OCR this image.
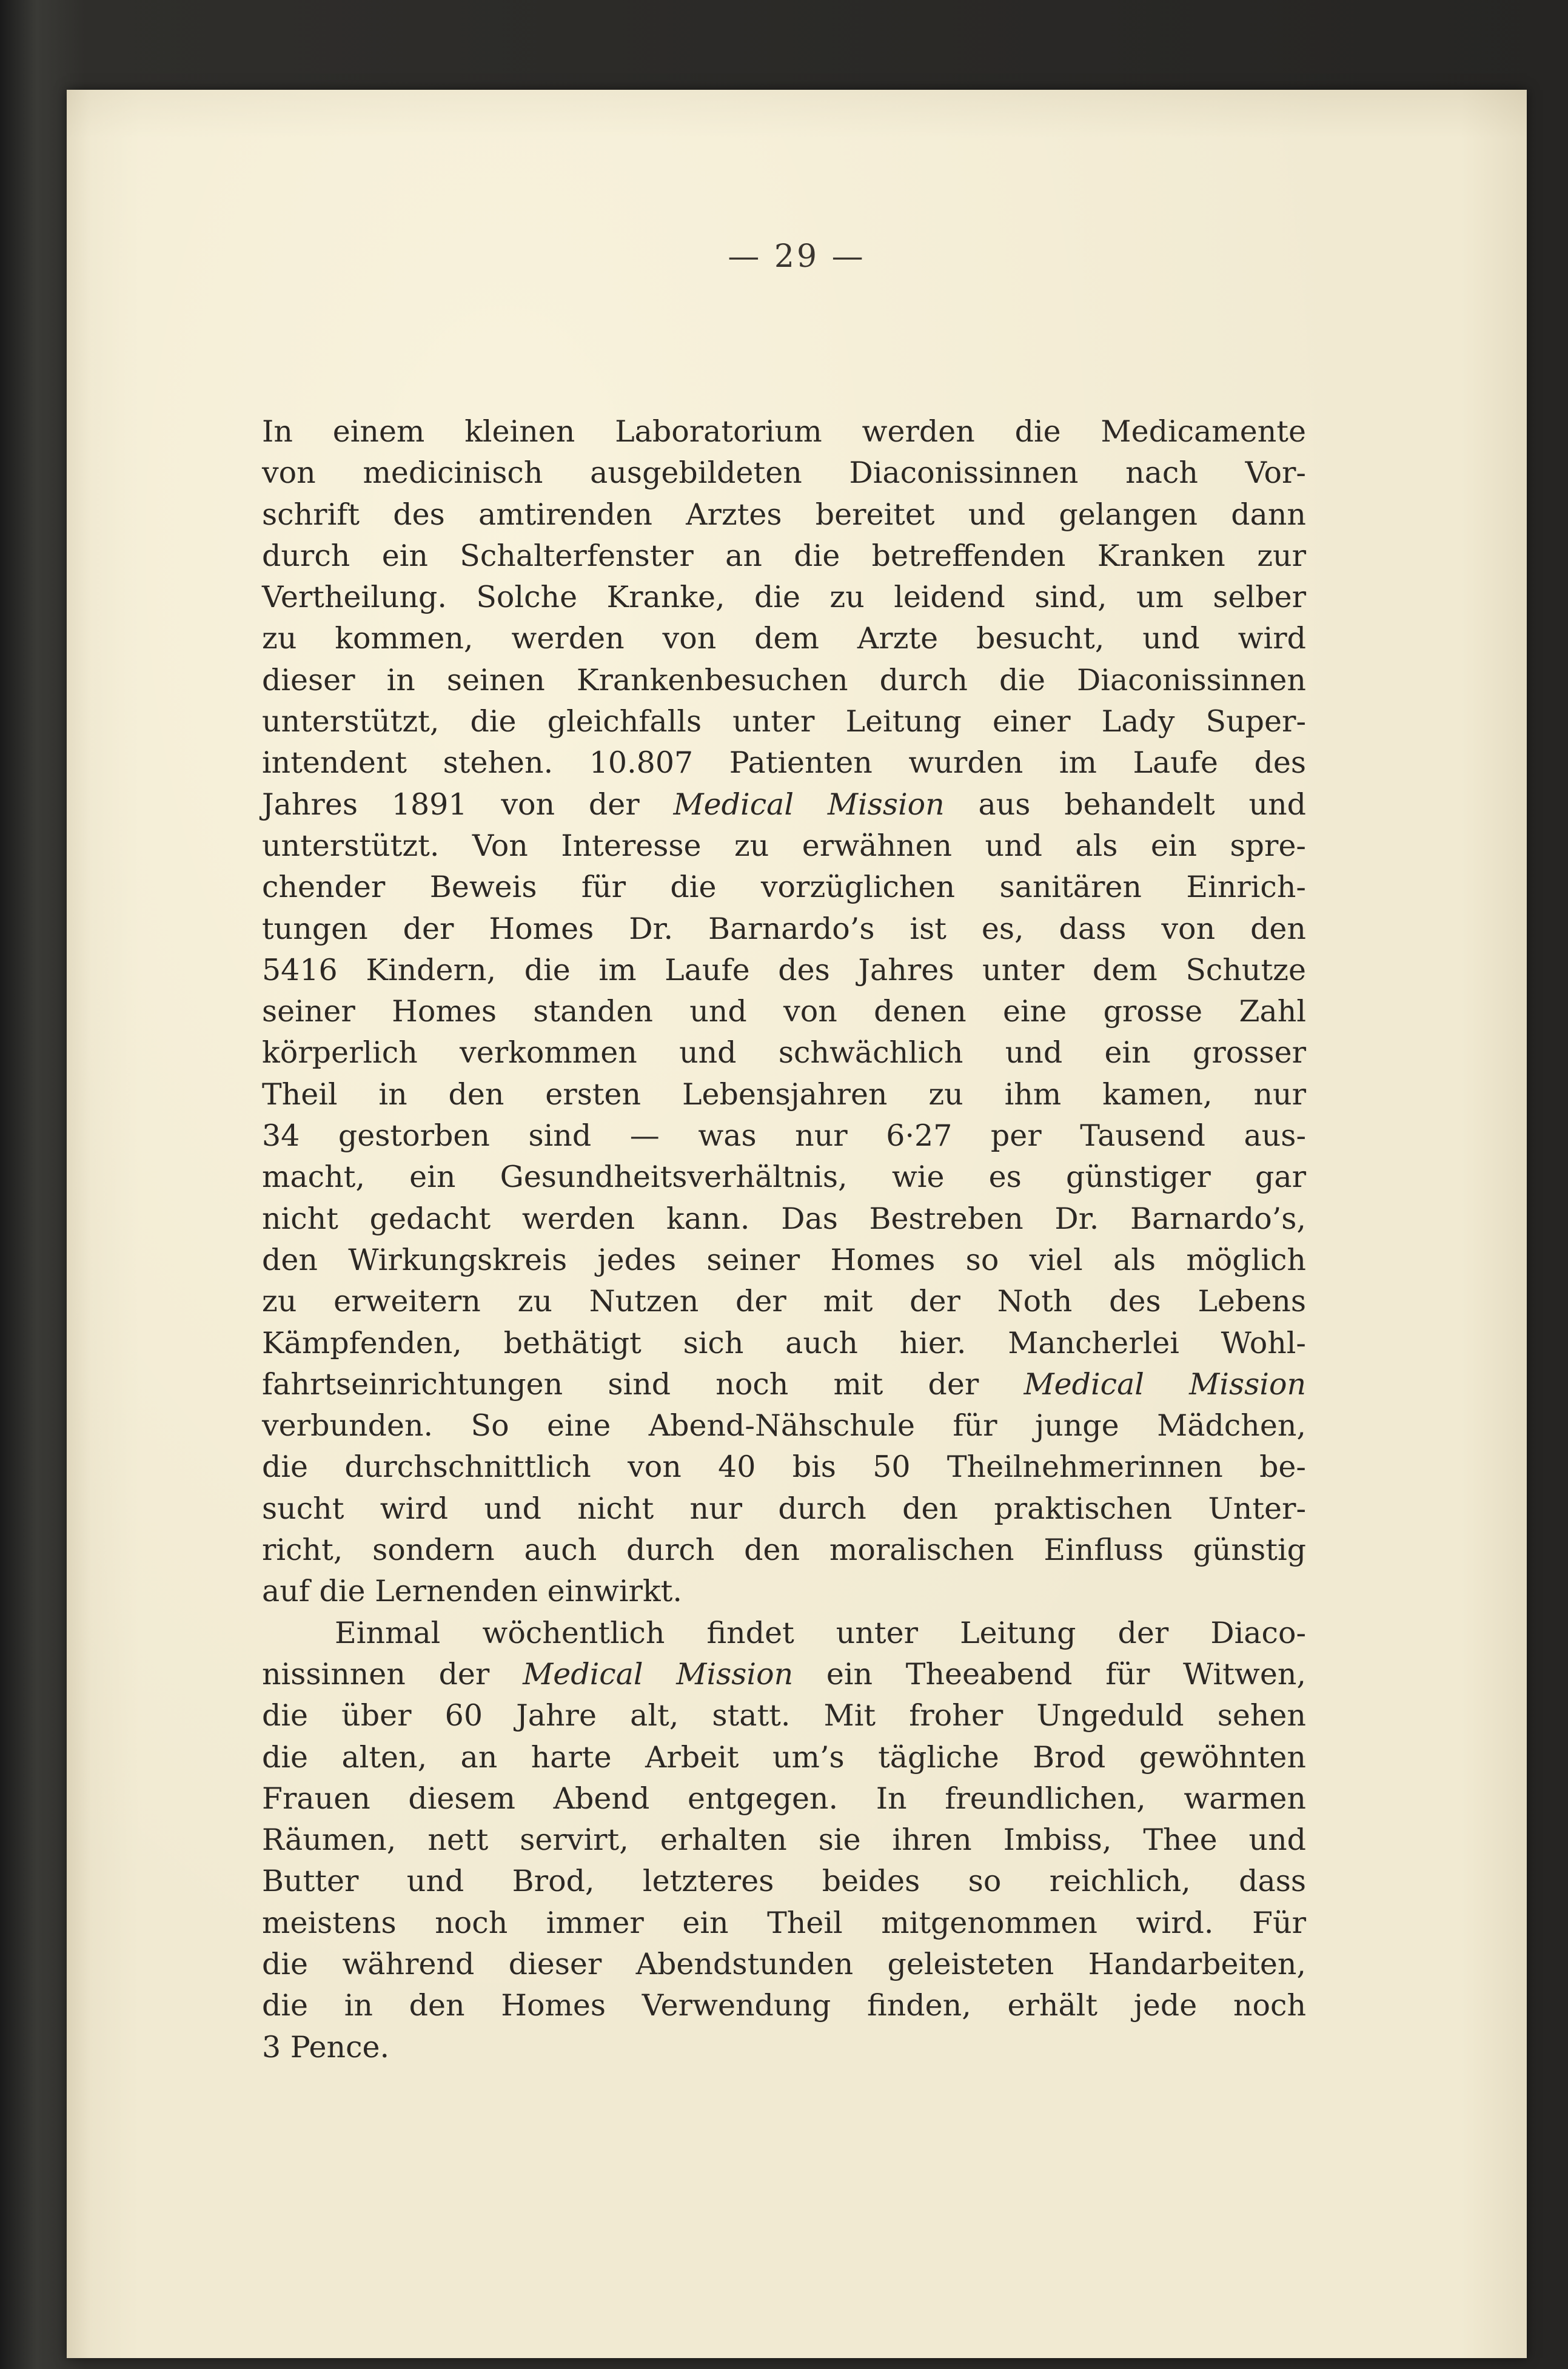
— 29 —
In einem kleinen Laboratorium werden die Medicamente
von medicinisch ausgebildeten Diaconissinnen nach Vor-
schrift des amtirenden Arztes bereitet und gelangen dann
durch ein Schalterfenster an die betreffenden Kranken zur
Vertheilung. Solche Kranke, die zu leidend sind, um selber
zu kommen, werden von dem Arzte besucht, und wird
dieser in seinen Krankenbesuchen durch die Diaconissinnen
unterstützt, die gleichfalls unter Leitung einer Lady Super-
intendent stehen. 10.807 Patienten wurden im Laufe des
Jahres 1891 von der Medical Mission aus behandelt und
unterstützt. Von Interesse zu erwähnen und als ein spre-
chender Beweis für die vorzüglichen sanitären Einrich-
tungen der Homes Dr. Barnardo’s ist es, dass von den
5416 Kindern, die im Laufe des Jahres unter dem Schutze
seiner Homes standen und von denen eine grosse Zahl
körperlich verkommen und schwächlich und ein grosser
Theil in den ersten Lebensjahren zu ihm kamen, nur
34 gestorben sind — was nur 6·27 per Tausend aus-
macht, ein Gesundheitsverhältnis, wie es günstiger gar
nicht gedacht werden kann. Das Bestreben Dr. Barnardo’s,
den Wirkungskreis jedes seiner Homes so viel als möglich
zu erweitern zu Nutzen der mit der Noth des Lebens
Kämpfenden, bethätigt sich auch hier. Mancherlei Wohl-
fahrtseinrichtungen sind noch mit der Medical Mission
verbunden. So eine Abend-Nähschule für junge Mädchen,
die durchschnittlich von 40 bis 50 Theilnehmerinnen be-
sucht wird und nicht nur durch den praktischen Unter-
richt, sondern auch durch den moralischen Einfluss günstig
auf die Lernenden einwirkt.
Einmal wöchentlich findet unter Leitung der Diaco-
nissinnen der Medical Mission ein Theeabend für Witwen,
die über 60 Jahre alt, statt. Mit froher Ungeduld sehen
die alten, an harte Arbeit um’s tägliche Brod gewöhnten
Frauen diesem Abend entgegen. In freundlichen, warmen
Räumen, nett servirt, erhalten sie ihren Imbiss, Thee und
Butter und Brod, letzteres beides so reichlich, dass
meistens noch immer ein Theil mitgenommen wird. Für
die während dieser Abendstunden geleisteten Handarbeiten,
die in den Homes Verwendung finden, erhält jede noch
3 Pence.
